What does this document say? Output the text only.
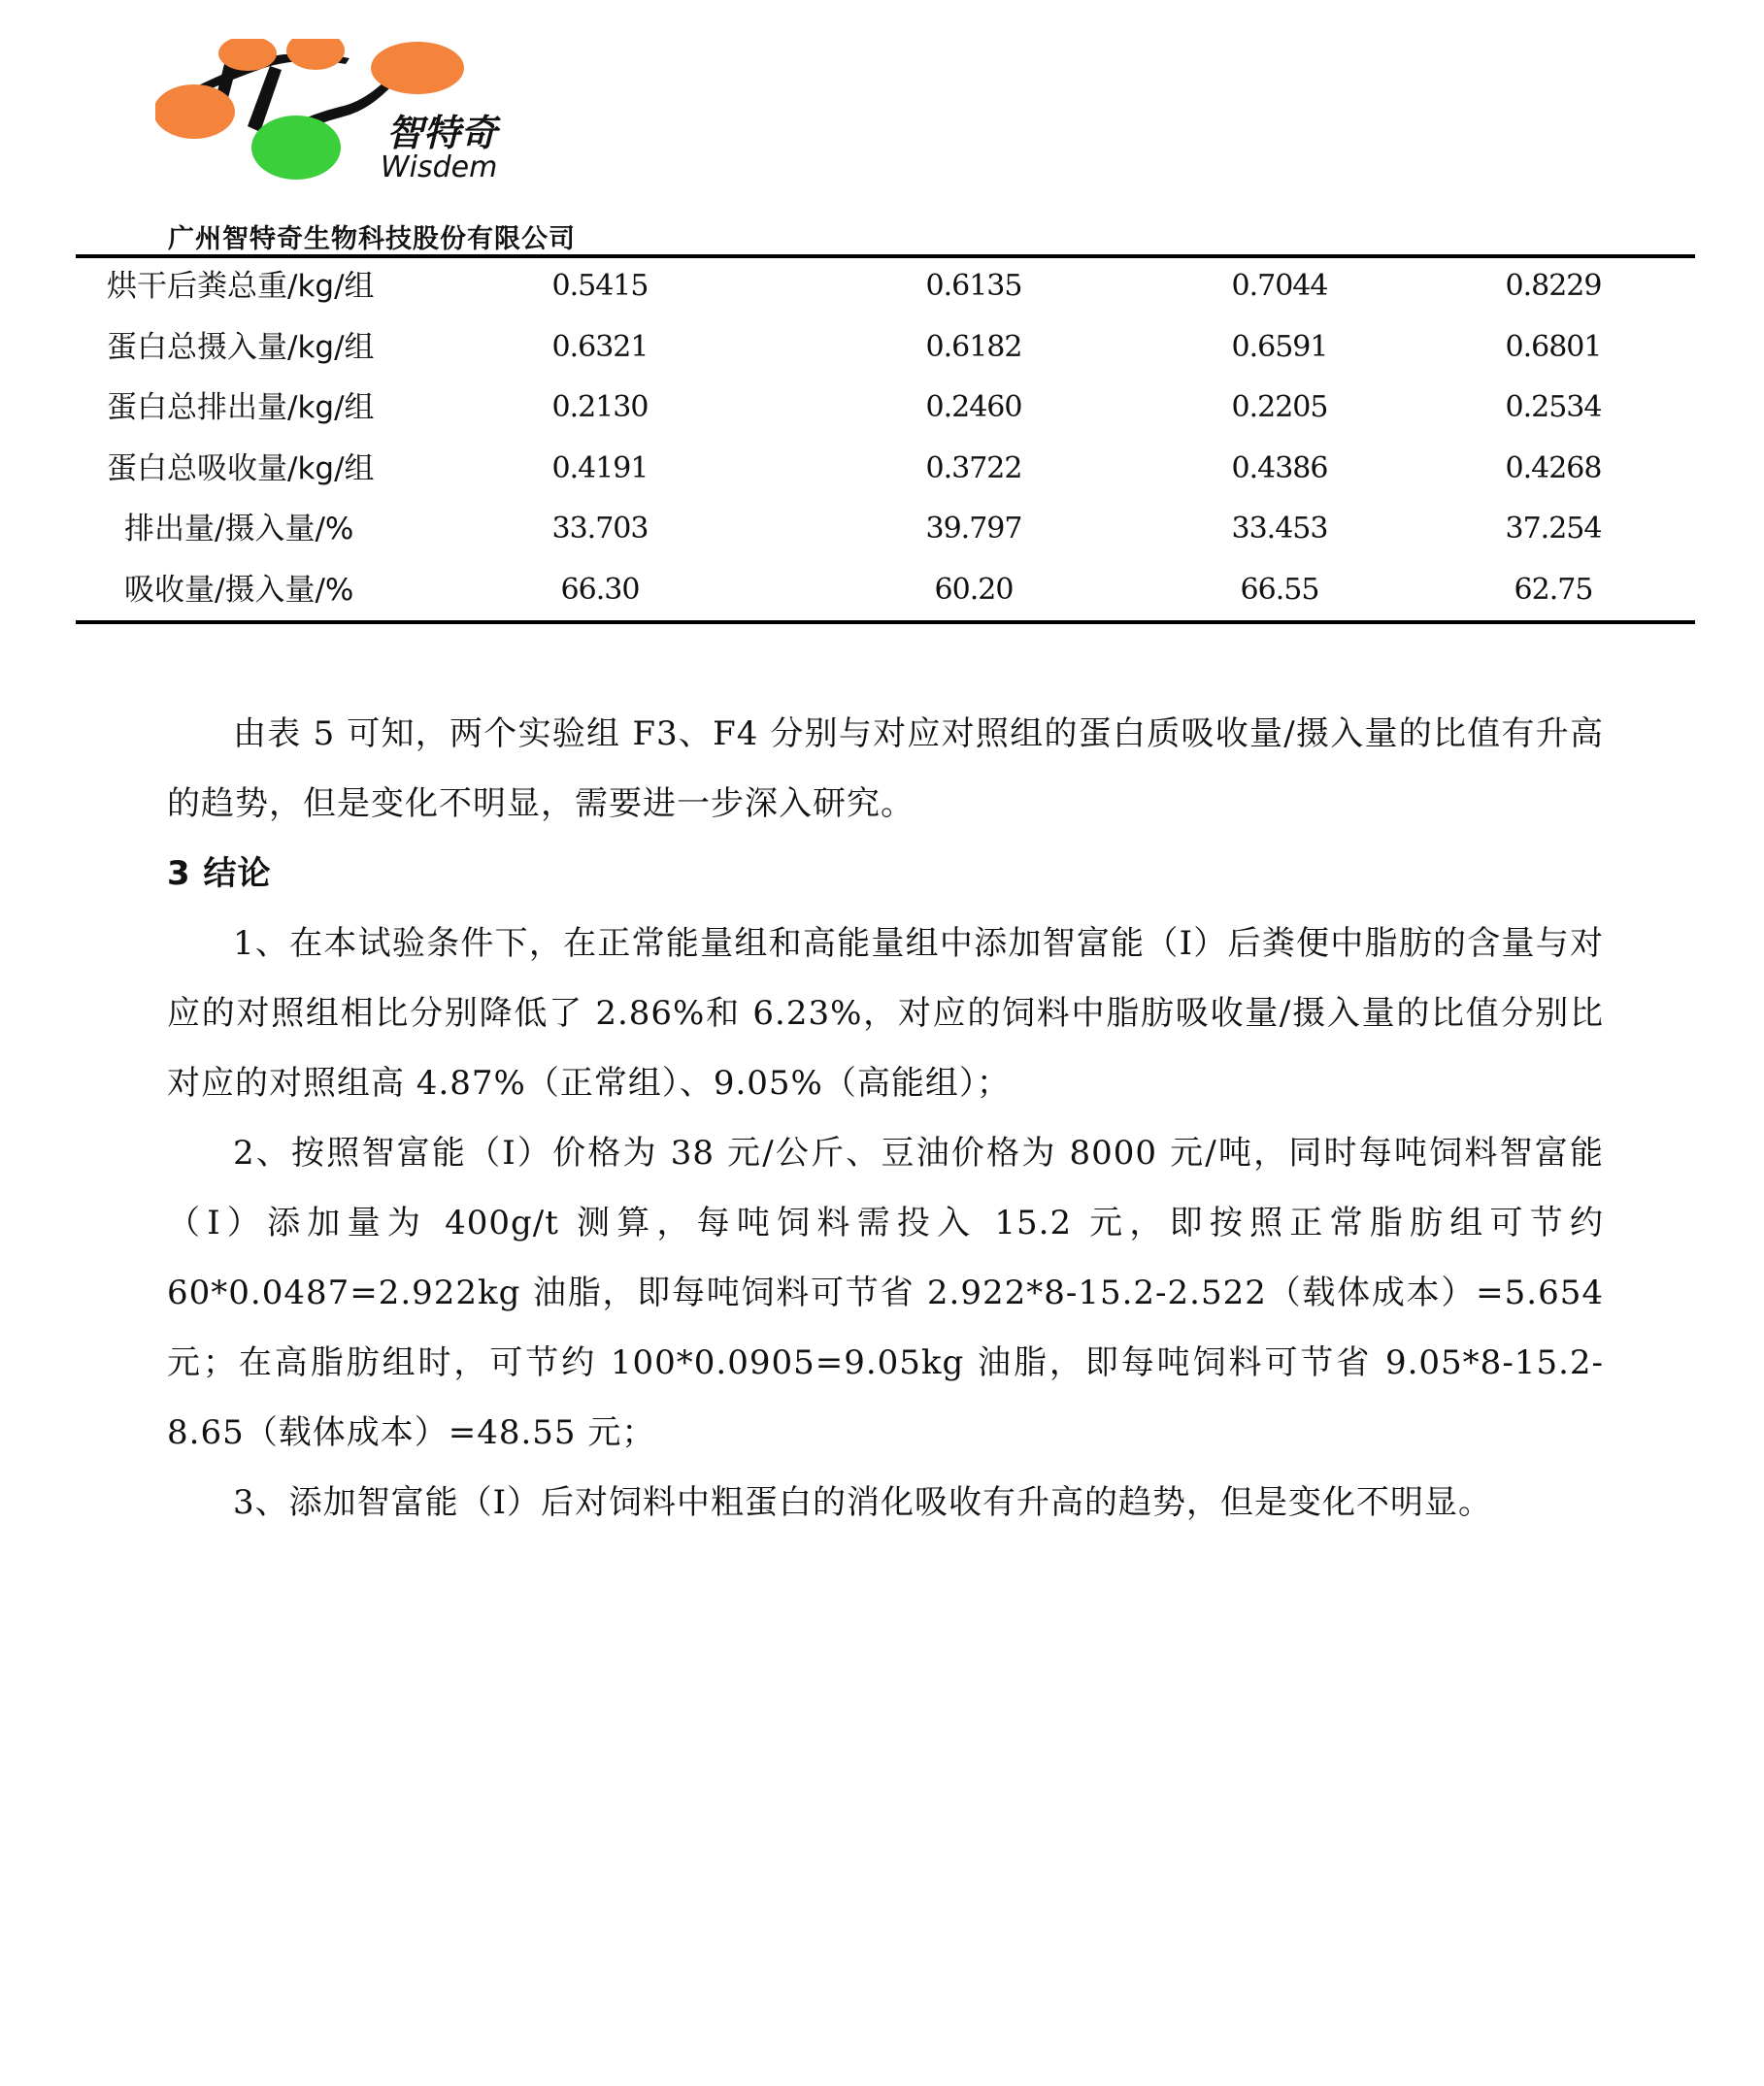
智特奇
Wisdem
广州智特奇生物科技股份有限公司
烘干后粪总重/kg/组	0.5415	0.6135	0.7044	0.8229
蛋白总摄入量/kg/组	0.6321	0.6182	0.6591	0.6801
蛋白总排出量/kg/组	0.2130	0.2460	0.2205	0.2534
蛋白总吸收量/kg/组	0.4191	0.3722	0.4386	0.4268
排出量/摄入量/%	33.703	39.797	33.453	37.254
吸收量/摄入量/%	66.30	60.20	66.55	62.75

由表 5 可知，两个实验组 F3、F4 分别与对应对照组的蛋白质吸收量/摄入量的比值有升高的趋势，但是变化不明显，需要进一步深入研究。

3 结论

1、在本试验条件下，在正常能量组和高能量组中添加智富能（I）后粪便中脂肪的含量与对应的对照组相比分别降低了 2.86%和 6.23%，对应的饲料中脂肪吸收量/摄入量的比值分别比对应的对照组高 4.87%（正常组）、9.05%（高能组）；

2、按照智富能（I）价格为 38 元/公斤、豆油价格为 8000 元/吨，同时每吨饲料智富能（I）添加量为 400g/t 测算，每吨饲料需投入 15.2 元，即按照正常脂肪组可节约 60*0.0487=2.922kg 油脂，即每吨饲料可节省 2.922*8-15.2-2.522（载体成本）=5.654 元；在高脂肪组时，可节约 100*0.0905=9.05kg 油脂，即每吨饲料可节省 9.05*8-15.2-8.65（载体成本）=48.55 元；

3、添加智富能（I）后对饲料中粗蛋白的消化吸收有升高的趋势，但是变化不明显。
